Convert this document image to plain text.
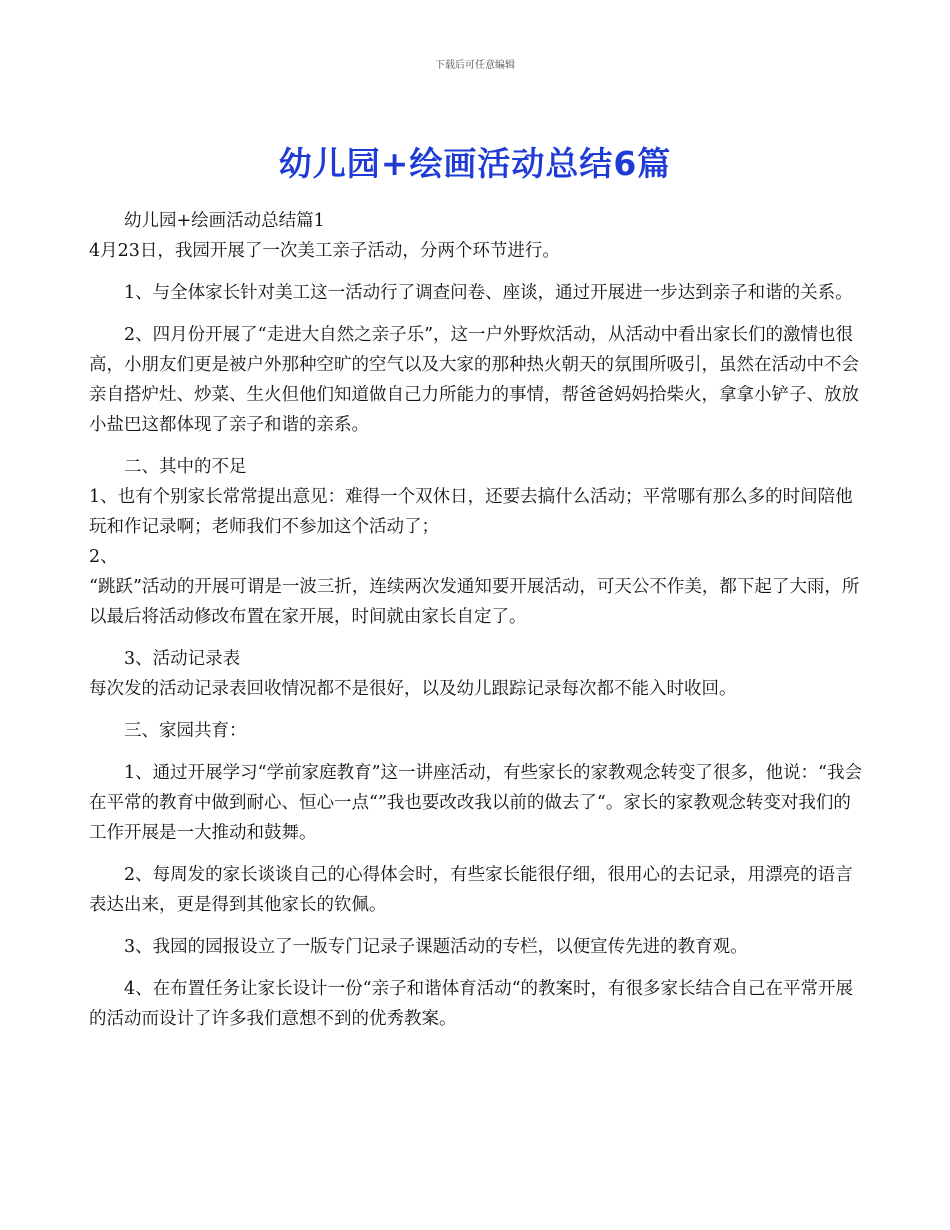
下载后可任意编辑
幼儿园+绘画活动总结6篇

幼儿园+绘画活动总结篇1

4月23日，我园开展了一次美工亲子活动，分两个环节进行。

1、与全体家长针对美工这一活动行了调查问卷、座谈，通过开展进一步达到亲子和谐的关系。

2、四月份开展了“走进大自然之亲子乐”，这一户外野炊活动，从活动中看出家长们的激情也很高，小朋友们更是被户外那种空旷的空气以及大家的那种热火朝天的氛围所吸引，虽然在活动中不会亲自搭炉灶、炒菜、生火但他们知道做自己力所能力的事情，帮爸爸妈妈拾柴火，拿拿小铲子、放放小盐巴这都体现了亲子和谐的亲系。

二、其中的不足

1、也有个别家长常常提出意见：难得一个双休日，还要去搞什么活动；平常哪有那么多的时间陪他玩和作记录啊；老师我们不参加这个活动了；

2、

“跳跃”活动的开展可谓是一波三折，连续两次发通知要开展活动，可天公不作美，都下起了大雨，所以最后将活动修改布置在家开展，时间就由家长自定了。

3、活动记录表

每次发的活动记录表回收情况都不是很好，以及幼儿跟踪记录每次都不能入时收回。

三、家园共育：

1、通过开展学习“学前家庭教育”这一讲座活动，有些家长的家教观念转变了很多，他说：“我会在平常的教育中做到耐心、恒心一点“”我也要改改我以前的做去了“。家长的家教观念转变对我们的工作开展是一大推动和鼓舞。

2、每周发的家长谈谈自己的心得体会时，有些家长能很仔细，很用心的去记录，用漂亮的语言表达出来，更是得到其他家长的钦佩。

3、我园的园报设立了一版专门记录子课题活动的专栏，以便宣传先进的教育观。

4、在布置任务让家长设计一份“亲子和谐体育活动“的教案时，有很多家长结合自己在平常开展的活动而设计了许多我们意想不到的优秀教案。
